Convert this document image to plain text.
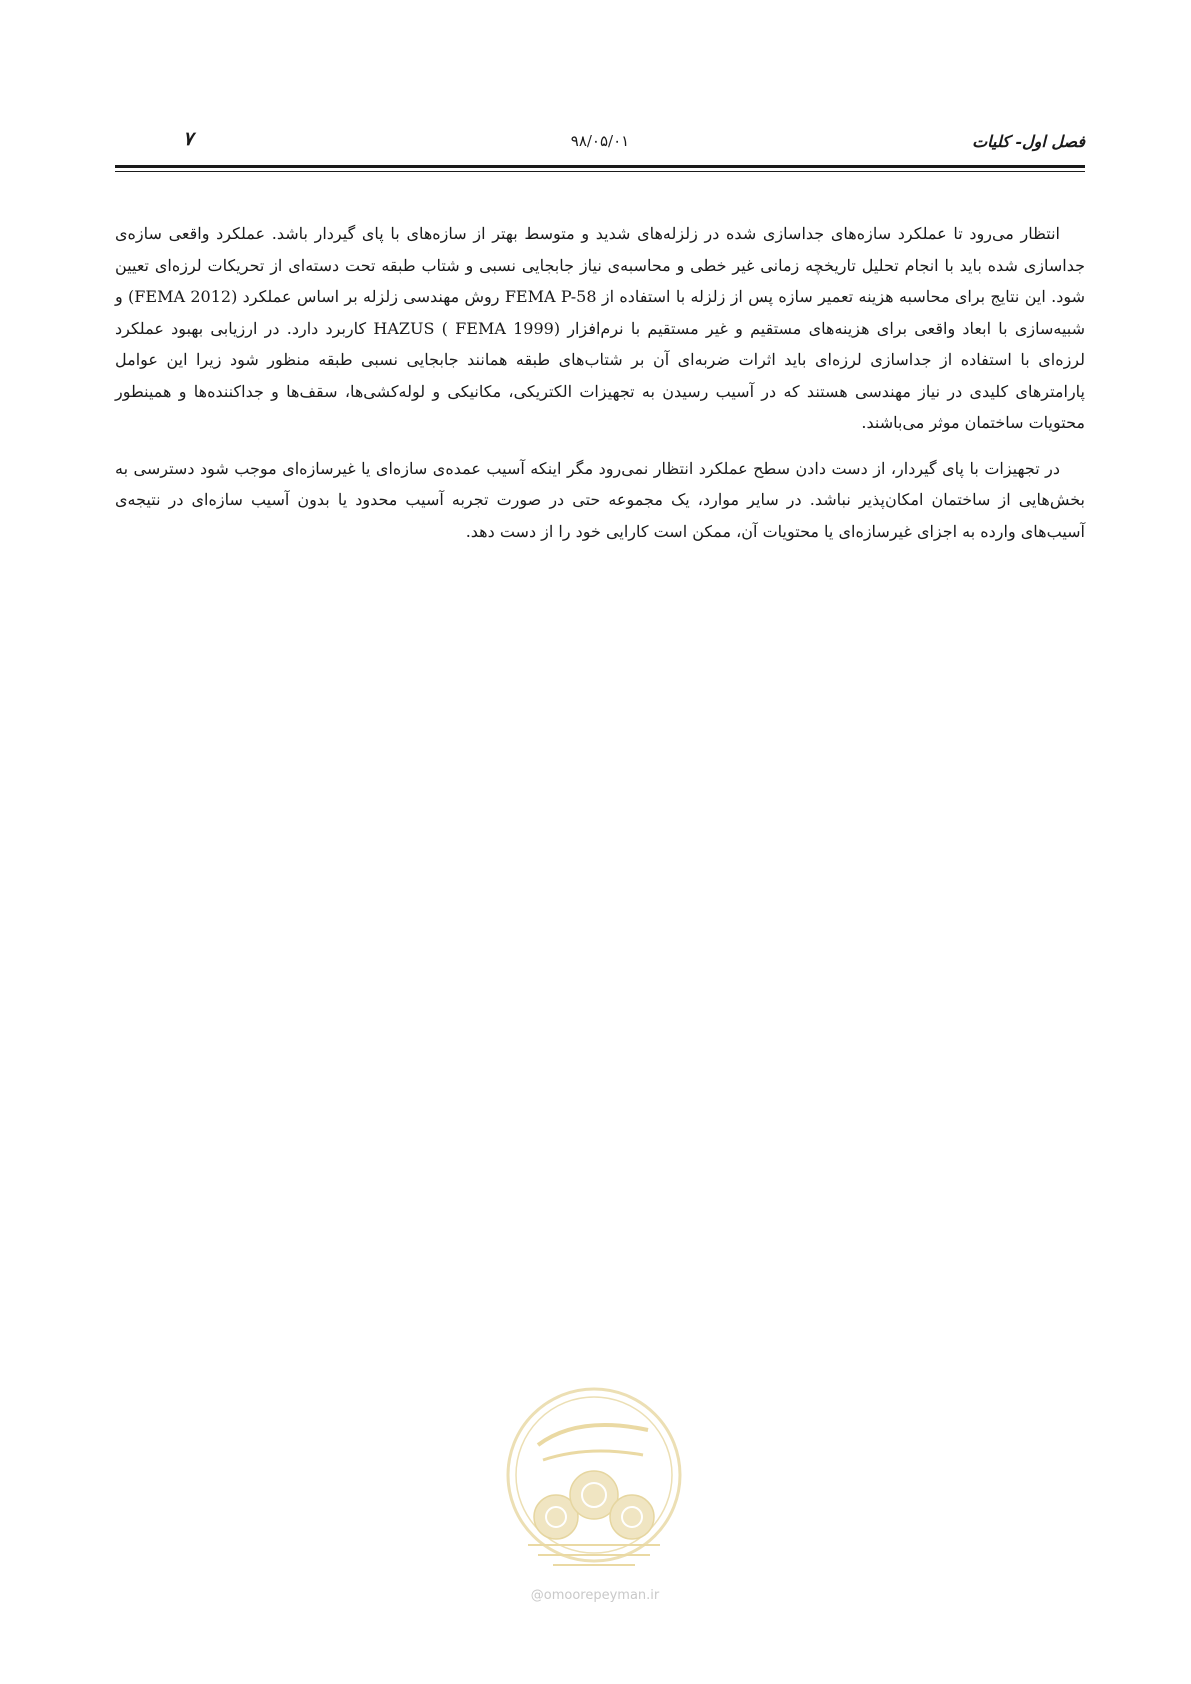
فصل اول- کلیات
۹۸/۰۵/۰۱
۷

انتظار می‌رود تا عملکرد سازه‌های جداسازی شده در زلزله‌های شدید و متوسط بهتر از سازه‌های با پای گیردار باشد. عملکرد واقعی سازه‌ی جداسازی شده باید با انجام تحلیل تاریخچه زمانی غیر خطی و محاسبه‌ی نیاز جابجایی نسبی و شتاب طبقه تحت دسته‌ای از تحریکات لرزه‌ای تعیین شود. این نتایج برای محاسبه هزینه تعمیر سازه پس از زلزله با استفاده از FEMA P-58 روش مهندسی زلزله بر اساس عملکرد (FEMA 2012) و شبیه‌سازی با ابعاد واقعی برای هزینه‌های مستقیم و غیر مستقیم با نرم‌افزار HAZUS ( FEMA 1999) کاربرد دارد. در ارزیابی بهبود عملکرد لرزه‌ای با استفاده از جداسازی لرزه‌ای باید اثرات ضربه‌ای آن بر شتاب‌های طبقه همانند جابجایی نسبی طبقه منظور شود زیرا این عوامل پارامترهای کلیدی در نیاز مهندسی هستند که در آسیب رسیدن به تجهیزات الکتریکی، مکانیکی و لوله‌کشی‌ها، سقف‌ها و جداکننده‌ها و همینطور محتویات ساختمان موثر می‌باشند.

در تجهیزات با پای گیردار، از دست دادن سطح عملکرد انتظار نمی‌رود مگر اینکه آسیب عمده‌ی سازه‌ای یا غیرسازه‌ای موجب شود دسترسی به بخش‌هایی از ساختمان امکان‌پذیر نباشد. در سایر موارد، یک مجموعه حتی در صورت تجربه آسیب محدود یا بدون آسیب سازه‌ای در نتیجه‌ی آسیب‌های وارده به اجزای غیرسازه‌ای یا محتویات آن، ممکن است کارایی خود را از دست دهد.

@omoorepeyman.ir
